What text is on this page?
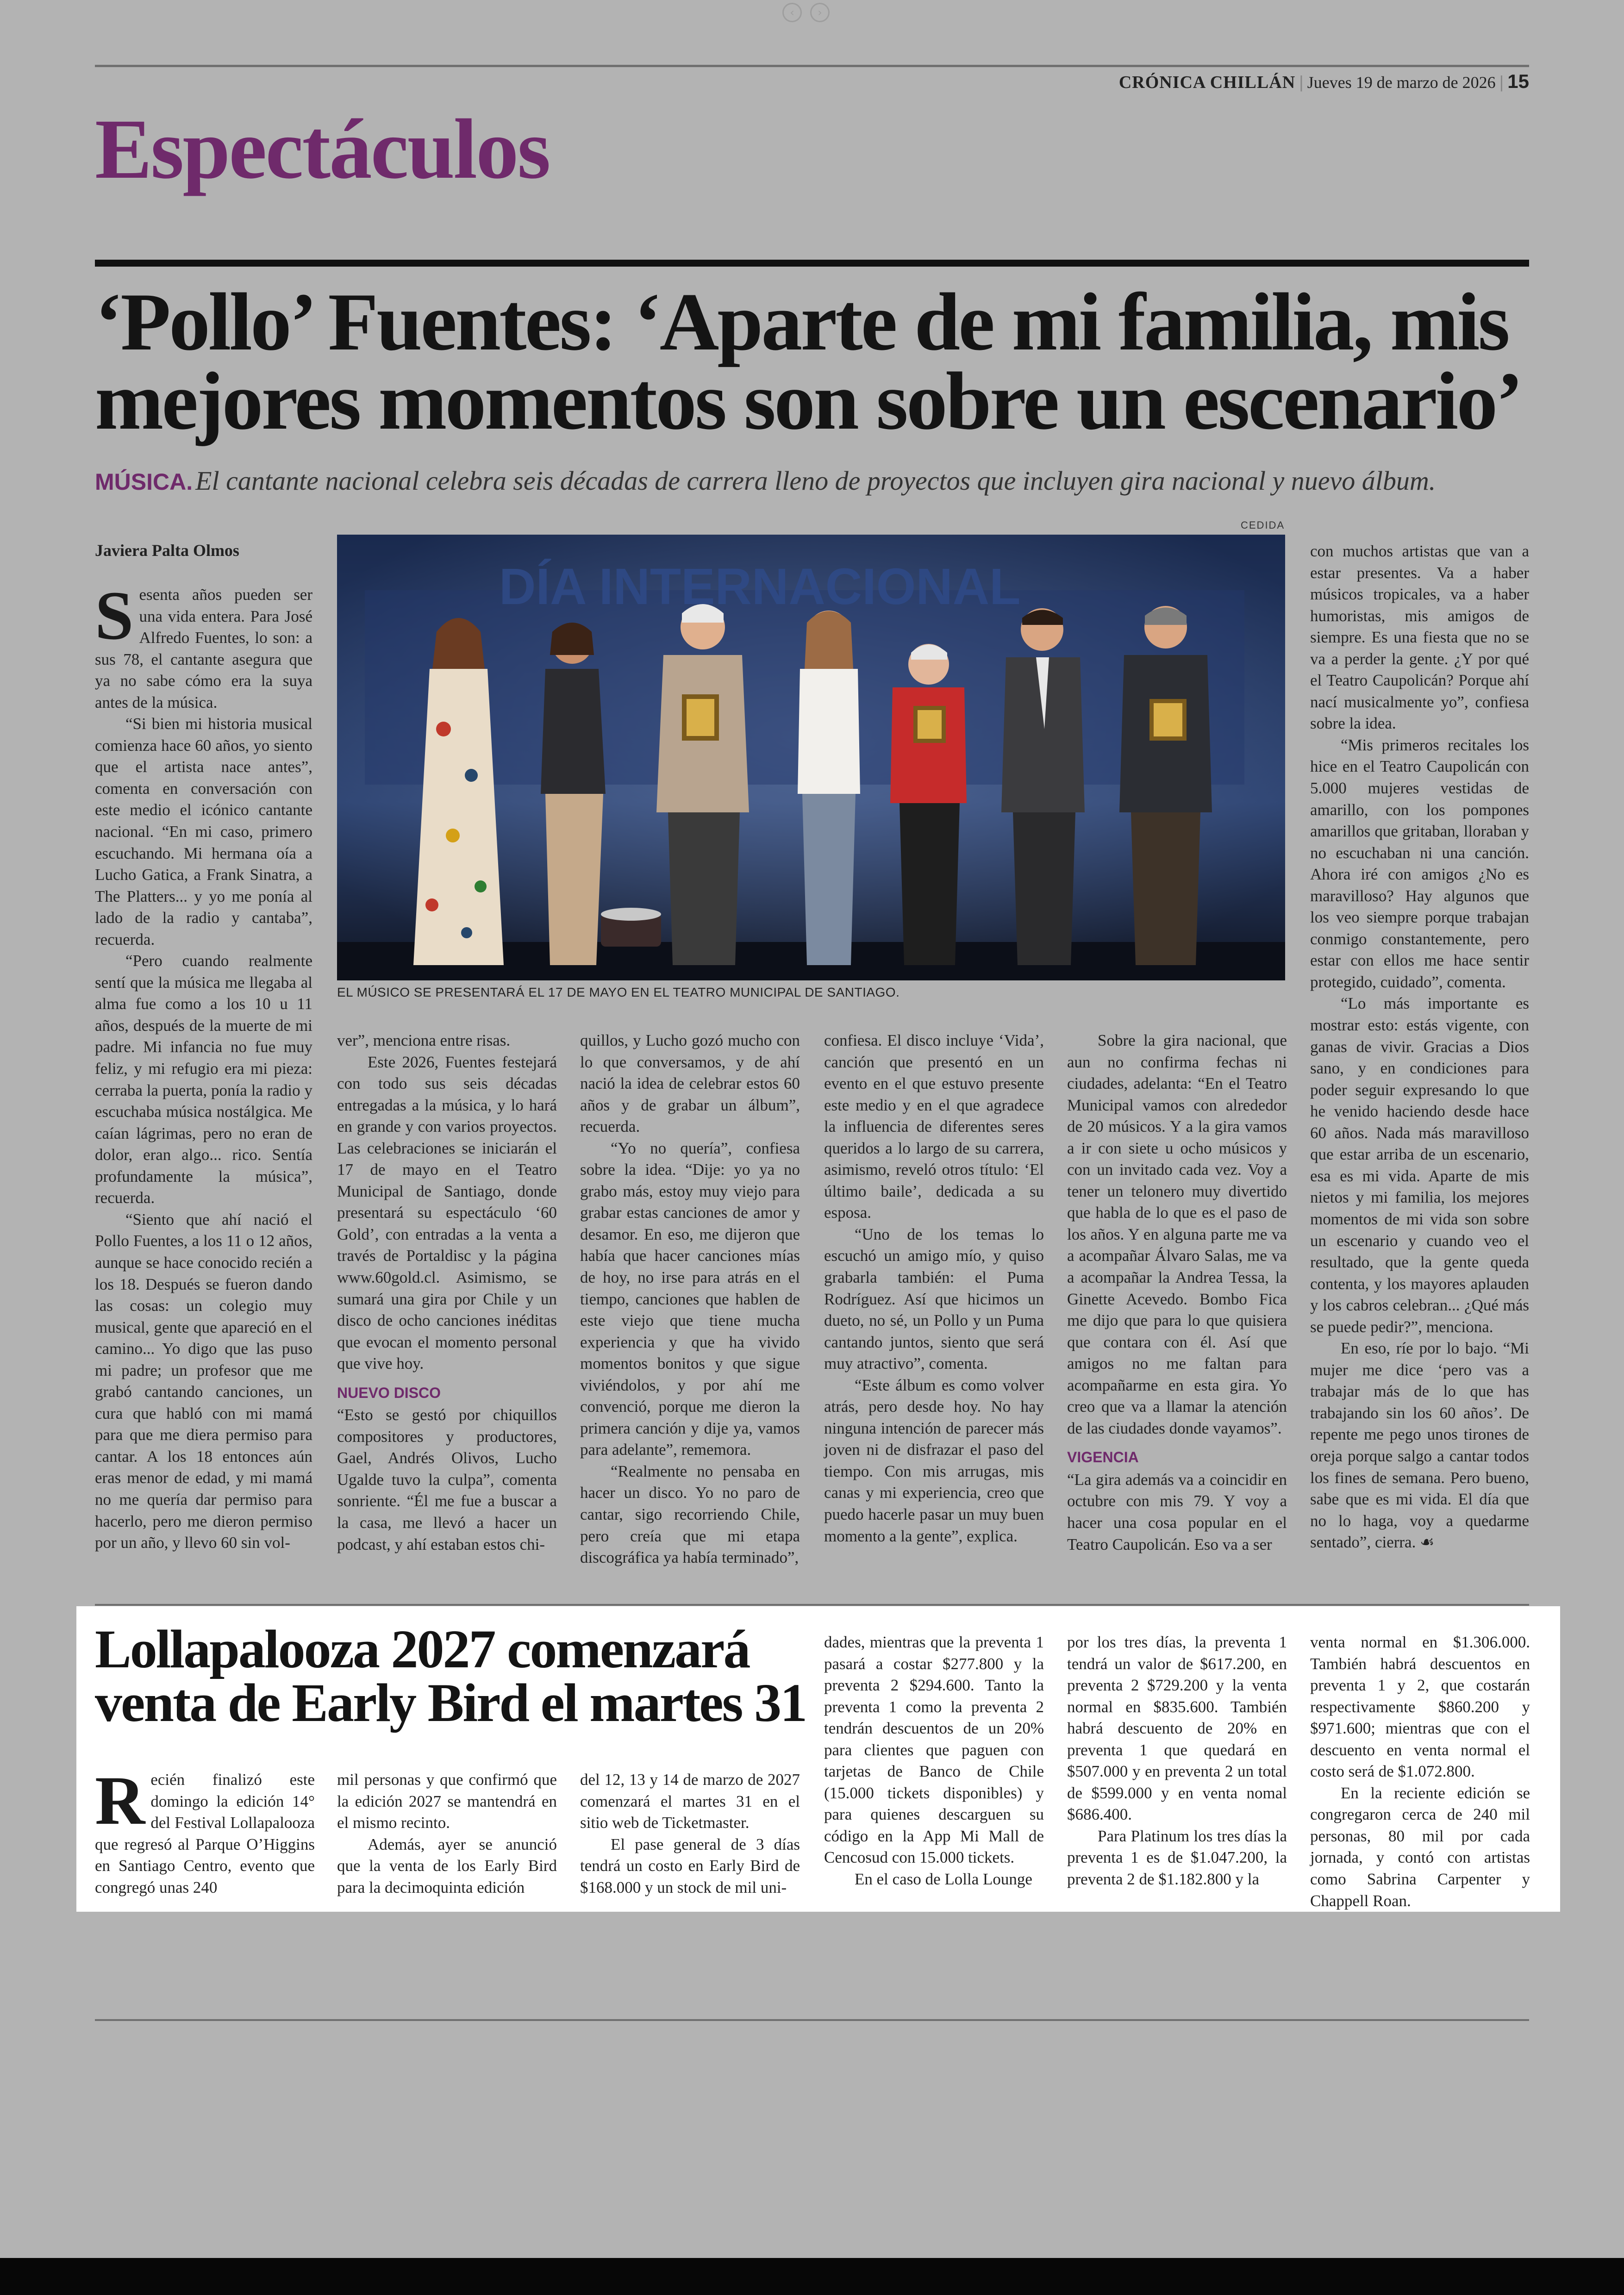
‹ ›
CRÓNICA CHILLÁN | Jueves 19 de marzo de 2026 | 15
Espectáculos
‘Pollo’ Fuentes: ‘Aparte de mi familia, mis mejores momentos son sobre un escenario’
MÚSICA. El cantante nacional celebra seis décadas de carrera lleno de proyectos que incluyen gira nacional y nuevo álbum.
Javiera Palta Olmos
CEDIDA
DÍA INTERNACIONAL
EL MÚSICO SE PRESENTARÁ EL 17 DE MAYO EN EL TEATRO MUNICIPAL DE SANTIAGO.

Sesenta años pueden ser una vida entera. Para José Alfredo Fuentes, lo son: a sus 78, el cantante asegura que ya no sabe cómo era la suya antes de la música.

“Si bien mi historia musical comienza hace 60 años, yo siento que el artista nace antes”, comenta en conversación con este medio el icónico cantante nacional. “En mi caso, primero escuchando. Mi hermana oía a Lucho Gatica, a Frank Sinatra, a The Platters... y yo me ponía al lado de la radio y cantaba”, recuerda.

“Pero cuando realmente sentí que la música me llegaba al alma fue como a los 10 u 11 años, después de la muerte de mi padre. Mi infancia no fue muy feliz, y mi refugio era mi pieza: cerraba la puerta, ponía la radio y escuchaba música nostálgica. Me caían lágrimas, pero no eran de dolor, eran algo... rico. Sentía profundamente la música”, recuerda.

“Siento que ahí nació el Pollo Fuentes, a los 11 o 12 años, aunque se hace conocido recién a los 18. Después se fueron dando las cosas: un colegio muy musical, gente que apareció en el camino... Yo digo que las puso mi padre; un profesor que me grabó cantando canciones, un cura que habló con mi mamá para que me diera permiso para cantar. A los 18 entonces aún eras menor de edad, y mi mamá no me quería dar permiso para hacerlo, pero me dieron permiso por un año, y llevo 60 sin vol-

ver”, menciona entre risas.

Este 2026, Fuentes festejará con todo sus seis décadas entregadas a la música, y lo hará en grande y con varios proyectos. Las celebraciones se iniciarán el 17 de mayo en el Teatro Municipal de Santiago, donde presentará su espectáculo ‘60 Gold’, con entradas a la venta a través de Portaldisc y la página www.60gold.cl. Asimismo, se sumará una gira por Chile y un disco de ocho canciones inéditas que evocan el momento personal que vive hoy.

NUEVO DISCO

“Esto se gestó por chiquillos compositores y productores, Gael, Andrés Olivos, Lucho Ugalde tuvo la culpa”, comenta sonriente. “Él me fue a buscar a la casa, me llevó a hacer un podcast, y ahí estaban estos chi-

quillos, y Lucho gozó mucho con lo que conversamos, y de ahí nació la idea de celebrar estos 60 años y de grabar un álbum”, recuerda.

“Yo no quería”, confiesa sobre la idea. “Dije: yo ya no grabo más, estoy muy viejo para grabar estas canciones de amor y desamor. En eso, me dijeron que había que hacer canciones mías de hoy, no irse para atrás en el tiempo, canciones que hablen de este viejo que tiene mucha experiencia y que ha vivido momentos bonitos y que sigue viviéndolos, y por ahí me convenció, porque me dieron la primera canción y dije ya, vamos para adelante”, rememora.

“Realmente no pensaba en hacer un disco. Yo no paro de cantar, sigo recorriendo Chile, pero creía que mi etapa discográfica ya había terminado”,

confiesa. El disco incluye ‘Vida’, canción que presentó en un evento en el que estuvo presente este medio y en el que agradece la influencia de diferentes seres queridos a lo largo de su carrera, asimismo, reveló otros título: ‘El último baile’, dedicada a su esposa.

“Uno de los temas lo escuchó un amigo mío, y quiso grabarla también: el Puma Rodríguez. Así que hicimos un dueto, no sé, un Pollo y un Puma cantando juntos, siento que será muy atractivo”, comenta.

“Este álbum es como volver atrás, pero desde hoy. No hay ninguna intención de parecer más joven ni de disfrazar el paso del tiempo. Con mis arrugas, mis canas y mi experiencia, creo que puedo hacerle pasar un muy buen momento a la gente”, explica.

Sobre la gira nacional, que aun no confirma fechas ni ciudades, adelanta: “En el Teatro Municipal vamos con alrededor de 20 músicos. Y a la gira vamos a ir con siete u ocho músicos y con un invitado cada vez. Voy a tener un telonero muy divertido que habla de lo que es el paso de los años. Y en alguna parte me va a acompañar Álvaro Salas, me va a acompañar la Andrea Tessa, la Ginette Acevedo. Bombo Fica me dijo que para lo que quisiera que contara con él. Así que amigos no me faltan para acompañarme en esta gira. Yo creo que va a llamar la atención de las ciudades donde vayamos”.

VIGENCIA

“La gira además va a coincidir en octubre con mis 79. Y voy a hacer una cosa popular en el Teatro Caupolicán. Eso va a ser

con muchos artistas que van a estar presentes. Va a haber músicos tropicales, va a haber humoristas, mis amigos de siempre. Es una fiesta que no se va a perder la gente. ¿Y por qué el Teatro Caupolicán? Porque ahí nací musicalmente yo”, confiesa sobre la idea.

“Mis primeros recitales los hice en el Teatro Caupolicán con 5.000 mujeres vestidas de amarillo, con los pompones amarillos que gritaban, lloraban y no escuchaban ni una canción. Ahora iré con amigos ¿No es maravilloso? Hay algunos que los veo siempre porque trabajan conmigo constantemente, pero estar con ellos me hace sentir protegido, cuidado”, comenta.

“Lo más importante es mostrar esto: estás vigente, con ganas de vivir. Gracias a Dios sano, y en condiciones para poder seguir expresando lo que he venido haciendo desde hace 60 años. Nada más maravilloso que estar arriba de un escenario, esa es mi vida. Aparte de mis nietos y mi familia, los mejores momentos de mi vida son sobre un escenario y cuando veo el resultado, que la gente queda contenta, y los mayores aplauden y los cabros celebran... ¿Qué más se puede pedir?”, menciona.

En eso, ríe por lo bajo. “Mi mujer me dice ‘pero vas a trabajar más de lo que has trabajando sin los 60 años’. De repente me pego unos tirones de oreja porque salgo a cantar todos los fines de semana. Pero bueno, sabe que es mi vida. El día que no lo haga, voy a quedarme sentado”, cierra. ☙

Lollapalooza 2027 comenzará venta de Early Bird el martes 31

Recién finalizó este domingo la edición 14° del Festival Lollapalooza que regresó al Parque O’Higgins en Santiago Centro, evento que congregó unas 240

mil personas y que confirmó que la edición 2027 se mantendrá en el mismo recinto.

Además, ayer se anunció que la venta de los Early Bird para la decimoquinta edición

del 12, 13 y 14 de marzo de 2027 comenzará el martes 31 en el sitio web de Ticketmaster.

El pase general de 3 días tendrá un costo en Early Bird de $168.000 y un stock de mil uni-

dades, mientras que la preventa 1 pasará a costar $277.800 y la preventa 2 $294.600. Tanto la preventa 1 como la preventa 2 tendrán descuentos de un 20% para clientes que paguen con tarjetas de Banco de Chile (15.000 tickets disponibles) y para quienes descarguen su código en la App Mi Mall de Cencosud con 15.000 tickets.

En el caso de Lolla Lounge

por los tres días, la preventa 1 tendrá un valor de $617.200, en preventa 2 $729.200 y la venta normal en $835.600. También habrá descuento de 20% en preventa 1 que quedará en $507.000 y en preventa 2 un total de $599.000 y en venta nomal $686.400.

Para Platinum los tres días la preventa 1 es de $1.047.200, la preventa 2 de $1.182.800 y la

venta normal en $1.306.000. También habrá descuentos en preventa 1 y 2, que costarán respectivamente $860.200 y $971.600; mientras que con el descuento en venta normal el costo será de $1.072.800.

En la reciente edición se congregaron cerca de 240 mil personas, 80 mil por cada jornada, y contó con artistas como Sabrina Carpenter y Chappell Roan.
